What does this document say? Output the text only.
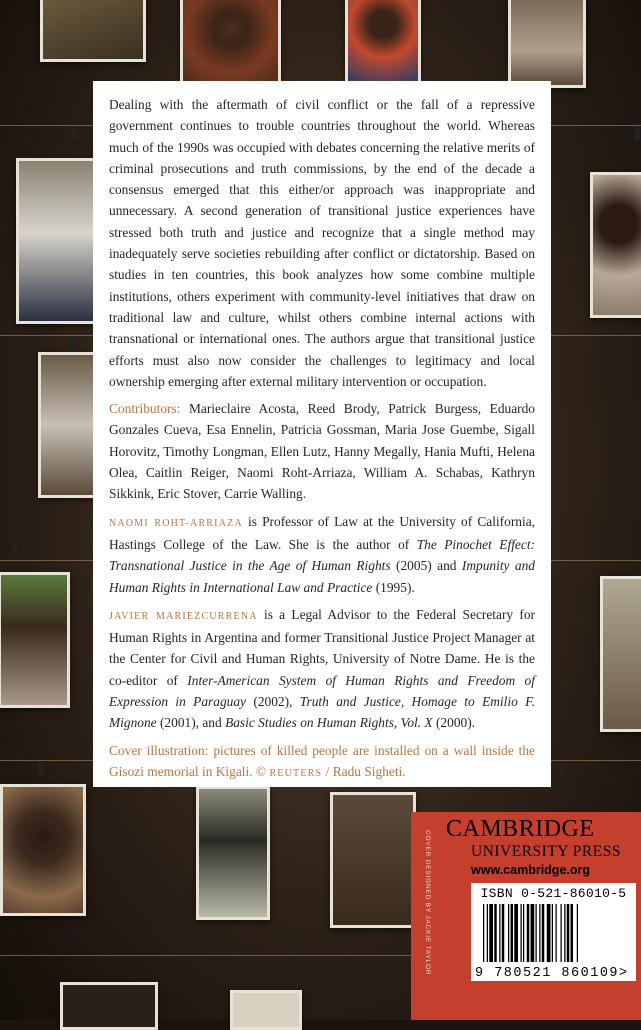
Dealing with the aftermath of civil conflict or the fall of a repressive government continues to trouble countries throughout the world. Whereas much of the 1990s was occupied with debates concerning the relative merits of criminal prosecutions and truth commissions, by the end of the decade a consensus emerged that this either/or approach was inappropriate and unnecessary. A second generation of transitional justice experiences have stressed both truth and justice and recognize that a single method may inadequately serve societies rebuilding after conflict or dictatorship. Based on studies in ten countries, this book analyzes how some combine multiple institutions, others experiment with community-level initiatives that draw on traditional law and culture, whilst others combine internal actions with transnational or international ones. The authors argue that transitional justice efforts must also now consider the challenges to legitimacy and local ownership emerging after external military intervention or occupation.

Contributors: Marieclaire Acosta, Reed Brody, Patrick Burgess, Eduardo Gonzales Cueva, Esa Ennelin, Patricia Gossman, Maria Jose Guembe, Sigall Horovitz, Timothy Longman, Ellen Lutz, Hanny Megally, Hania Mufti, Helena Olea, Caitlin Reiger, Naomi Roht-Arriaza, William A. Schabas, Kathryn Sikkink, Eric Stover, Carrie Walling.

NAOMI ROHT-ARRIAZA is Professor of Law at the University of California, Hastings College of the Law. She is the author of The Pinochet Effect: Transnational Justice in the Age of Human Rights (2005) and Impunity and Human Rights in International Law and Practice (1995).

JAVIER MARIEZCURRENA is a Legal Advisor to the Federal Secretary for Human Rights in Argentina and former Transitional Justice Project Manager at the Center for Civil and Human Rights, University of Notre Dame. He is the co-editor of Inter-American System of Human Rights and Freedom of Expression in Paraguay (2002), Truth and Justice, Homage to Emilio F. Mignone (2001), and Basic Studies on Human Rights, Vol. X (2000).

Cover illustration: pictures of killed people are installed on a wall inside the Gisozi memorial in Kigali. © REUTERS / Radu Sigheti.

COVER DESIGNED BY JACKIE TAYLOR
CAMBRIDGE
UNIVERSITY PRESS
www.cambridge.org
ISBN 0-521-86010-5
9 780521 860109>
